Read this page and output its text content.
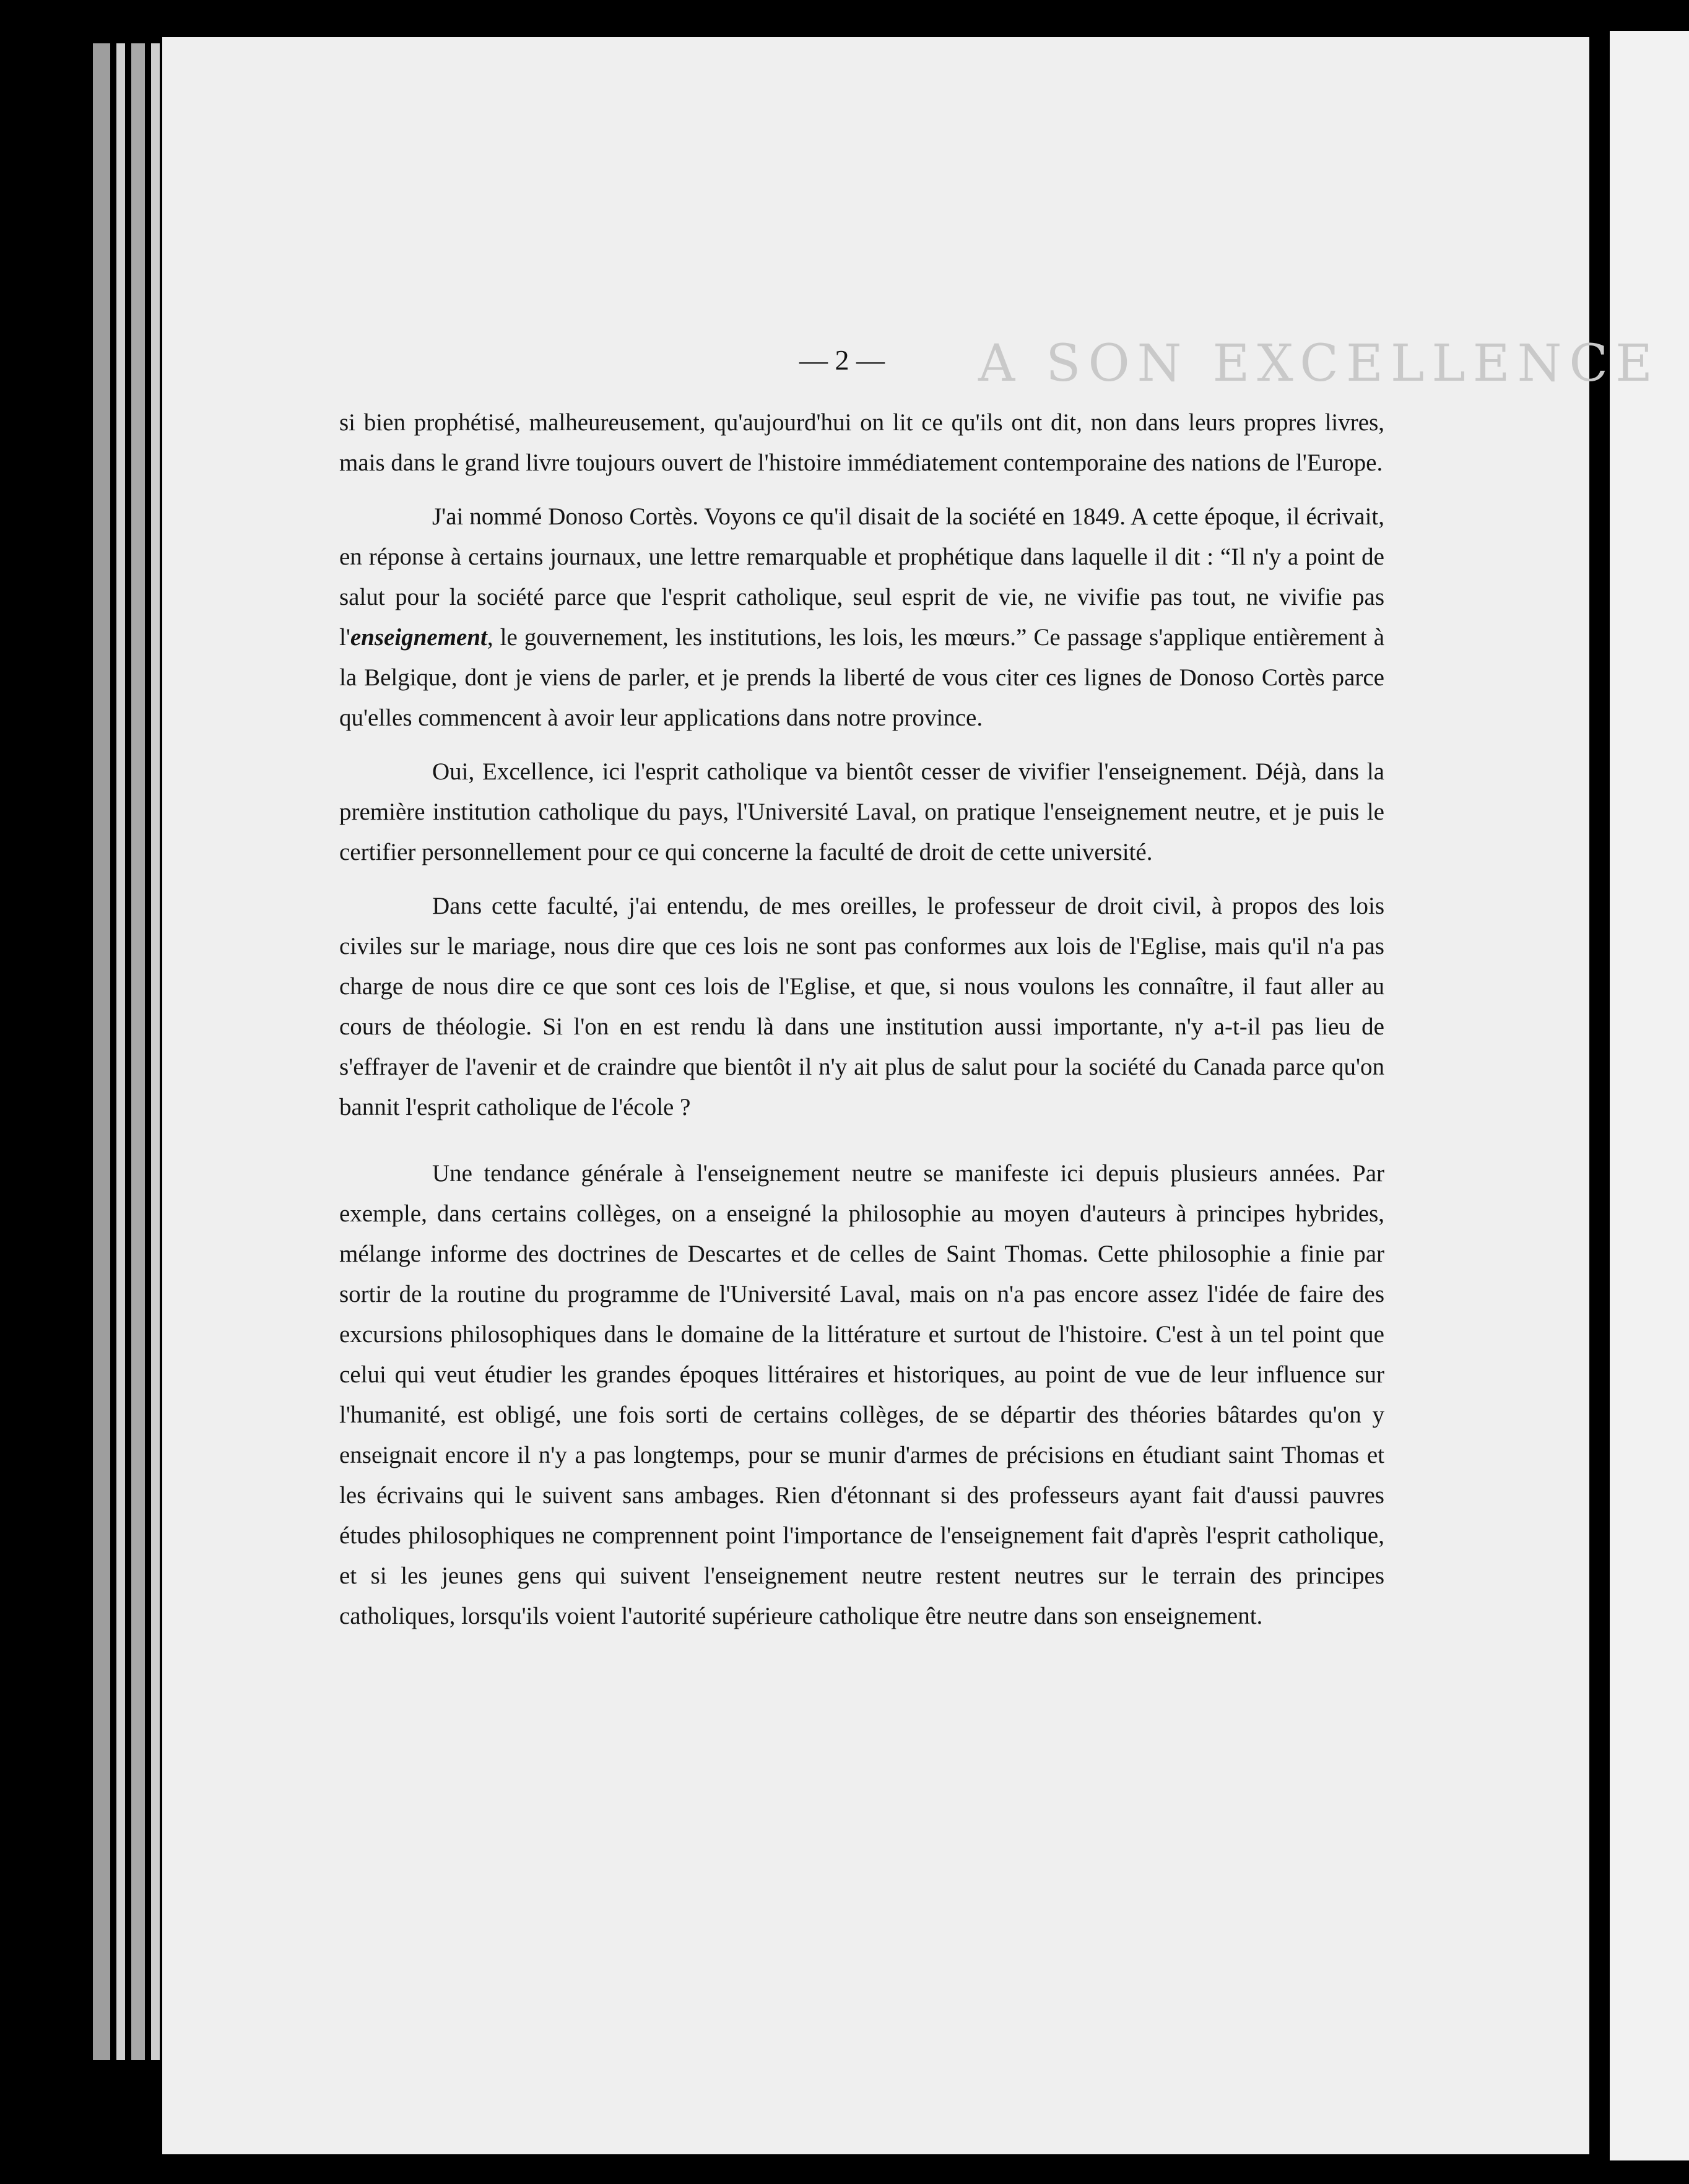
A SON EXCELLENCE
— 2 —

si bien prophétisé, malheureusement, qu'aujourd'hui on lit ce qu'ils ont dit, non dans leurs propres livres, mais dans le grand livre toujours ouvert de l'histoire immédiatement contemporaine des nations de l'Europe.

J'ai nommé Donoso Cortès. Voyons ce qu'il disait de la société en 1849. A cette époque, il écrivait, en réponse à certains journaux, une lettre remarquable et prophétique dans laquelle il dit : “Il n'y a point de salut pour la société parce que l'esprit catholique, seul esprit de vie, ne vivifie pas tout, ne vivifie pas l'enseignement, le gouvernement, les institutions, les lois, les mœurs.” Ce passage s'applique entièrement à la Belgique, dont je viens de parler, et je prends la liberté de vous citer ces lignes de Donoso Cortès parce qu'elles commencent à avoir leur applications dans notre province.

Oui, Excellence, ici l'esprit catholique va bientôt cesser de vivifier l'enseignement. Déjà, dans la première institution catholique du pays, l'Université Laval, on pratique l'enseignement neutre, et je puis le certifier personnellement pour ce qui concerne la faculté de droit de cette université.

Dans cette faculté, j'ai entendu, de mes oreilles, le professeur de droit civil, à propos des lois civiles sur le mariage, nous dire que ces lois ne sont pas conformes aux lois de l'Eglise, mais qu'il n'a pas charge de nous dire ce que sont ces lois de l'Eglise, et que, si nous voulons les connaître, il faut aller au cours de théologie. Si l'on en est rendu là dans une institution aussi importante, n'y a-t-il pas lieu de s'effrayer de l'avenir et de craindre que bientôt il n'y ait plus de salut pour la société du Canada parce qu'on bannit l'esprit catholique de l'école ?

Une tendance générale à l'enseignement neutre se manifeste ici depuis plusieurs années. Par exemple, dans certains collèges, on a enseigné la philosophie au moyen d'auteurs à principes hybrides, mélange informe des doctrines de Descartes et de celles de Saint Thomas. Cette philosophie a finie par sortir de la routine du programme de l'Université Laval, mais on n'a pas encore assez l'idée de faire des excursions philosophiques dans le domaine de la littérature et surtout de l'histoire. C'est à un tel point que celui qui veut étudier les grandes époques littéraires et historiques, au point de vue de leur influence sur l'humanité, est obligé, une fois sorti de certains collèges, de se départir des théories bâtardes qu'on y enseignait encore il n'y a pas longtemps, pour se munir d'armes de précisions en étudiant saint Thomas et les écrivains qui le suivent sans ambages. Rien d'étonnant si des professeurs ayant fait d'aussi pauvres études philosophiques ne comprennent point l'importance de l'enseignement fait d'après l'esprit catholique, et si les jeunes gens qui suivent l'enseignement neutre restent neutres sur le terrain des principes catholiques, lorsqu'ils voient l'autorité supérieure catholique être neutre dans son enseignement.
